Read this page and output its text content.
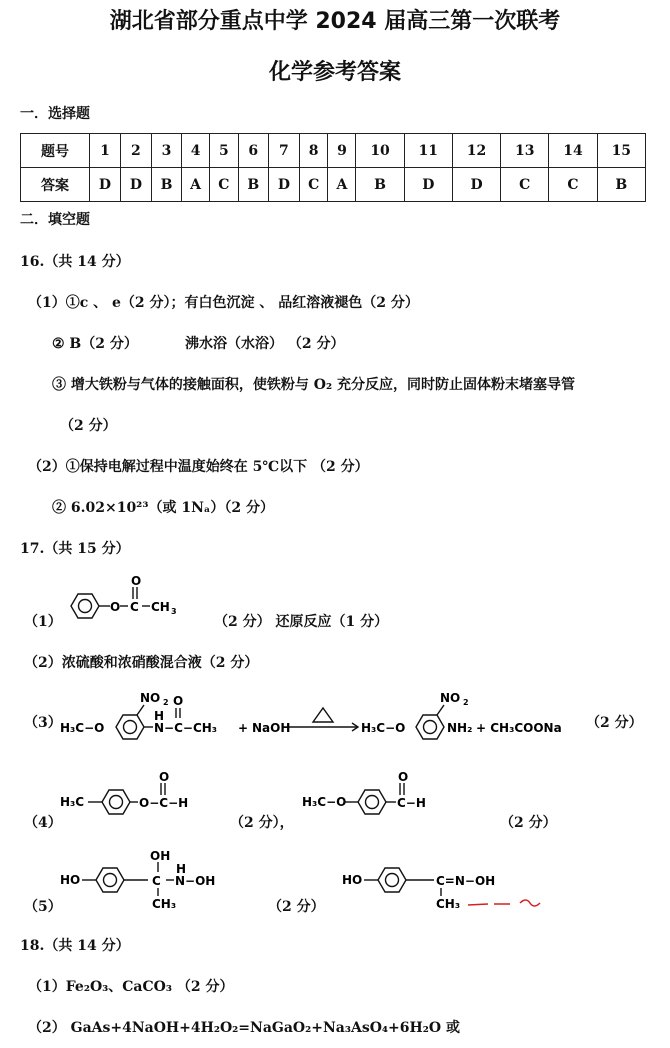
湖北省部分重点中学 2024 届高三第一次联考
化学参考答案
一．选择题
题号	1	2	3	4	5	6	7	8	9	10	11	12	13	14	15
答案	D	D	B	A	C	B	D	C	A	B	D	D	C	C	B
二．填空题
16.（共 14 分）
（1）①c 、 e（2 分）；有白色沉淀 、 品红溶液褪色（2 分）
② B（2 分）	沸水浴（水浴） （2 分）
③ 增大铁粉与气体的接触面积，使铁粉与 O₂ 充分反应，同时防止固体粉末堵塞导管
（2 分）
（2）①保持电解过程中温度始终在 5℃以下 （2 分）
② 6.02×10²³（或 1Nₐ）（2 分）
17.（共 15 分）
（1）
O C
O
CH 3
（2 分） 还原反应（1 分）
（2）浓硫酸和浓硝酸混合液（2 分）
（3）
H₃C−O
NO 2
H
O
N−C−CH₃ + NaOH	H₃C−O
NO 2
NH₂ + CH₃COONa （2 分）
（4）
H₃C
O
O−C−H
（2 分），
H₃C−O
O
C−H
（2 分）
（5）
HO	C
OH
H
N−OH
CH₃	（2 分）
HO	C=N−OH
CH₃
18.（共 14 分）
（1）Fe₂O₃、CaCO₃ （2 分）
（2） GaAs+4NaOH+4H₂O₂=NaGaO₂+Na₃AsO₄+6H₂O 或
